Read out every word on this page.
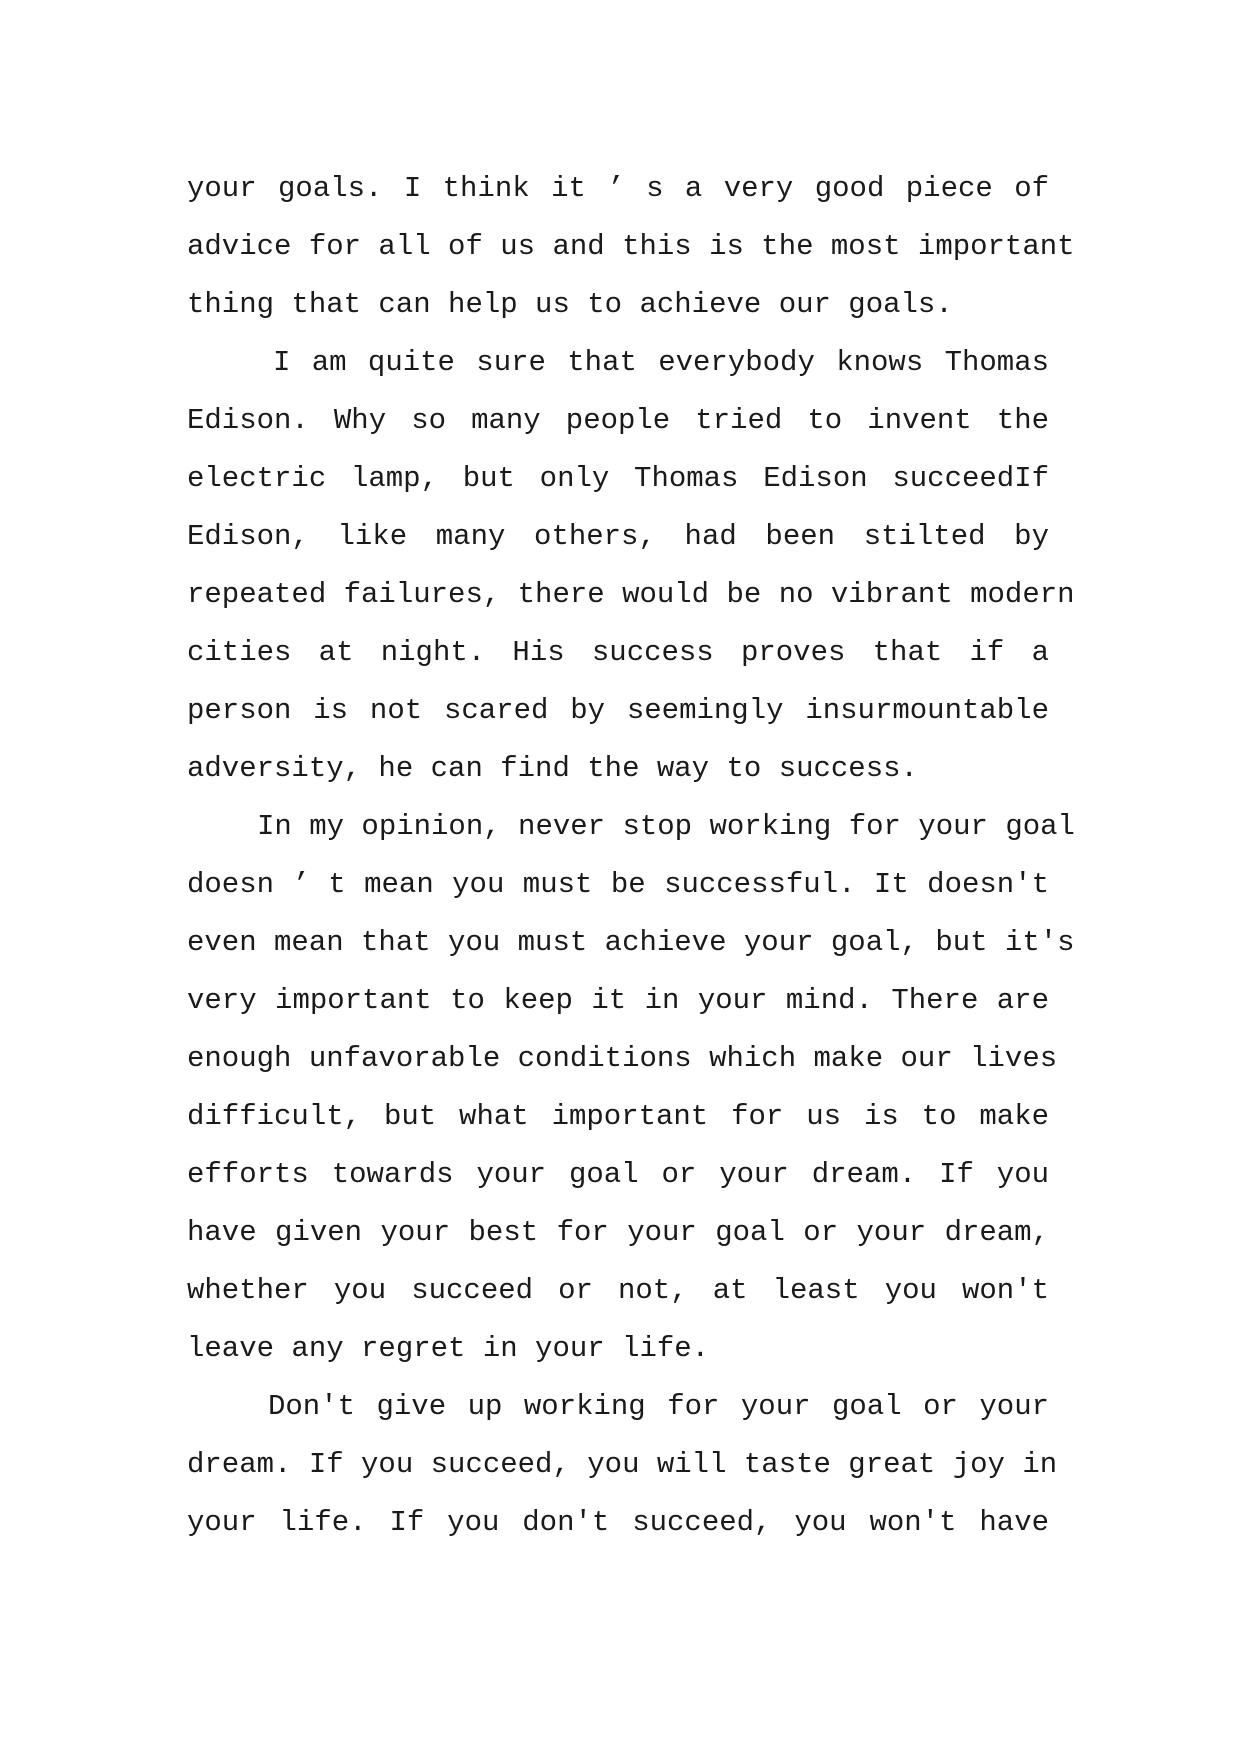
your goals. I think it ’ s a very good piece of
advice for all of us and this is the most important
thing that can help us to achieve our goals.
I am quite sure that everybody knows Thomas
Edison. Why so many people tried to invent the
electric lamp, but only Thomas Edison succeedIf
Edison, like many others, had been stilted by
repeated failures, there would be no vibrant modern
cities at night. His success proves that if a
person is not scared by seemingly insurmountable
adversity, he can find the way to success.
In my opinion, never stop working for your goal
doesn ’ t mean you must be successful. It doesn't
even mean that you must achieve your goal, but it's
very important to keep it in your mind. There are
enough unfavorable conditions which make our lives
difficult, but what important for us is to make
efforts towards your goal or your dream. If you
have given your best for your goal or your dream,
whether you succeed or not, at least you won't
leave any regret in your life.
Don't give up working for your goal or your
dream. If you succeed, you will taste great joy in
your life. If you don't succeed, you won't have
